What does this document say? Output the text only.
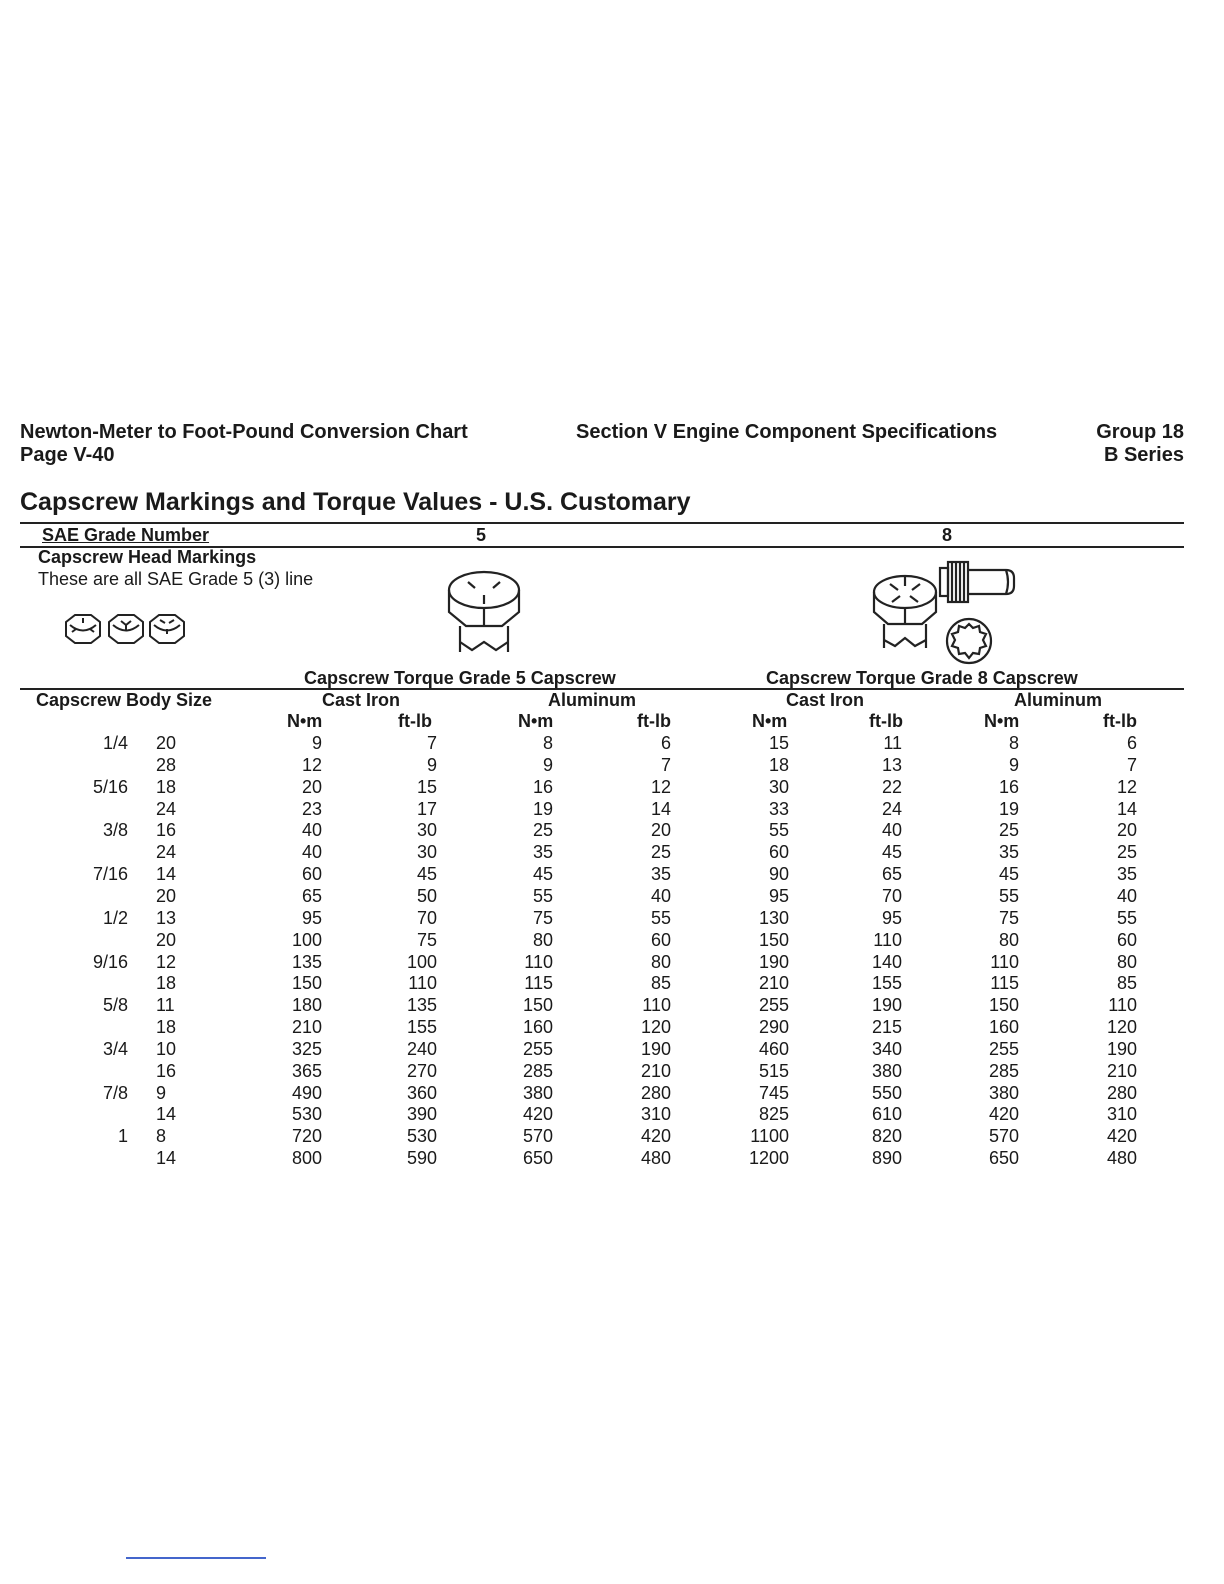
Newton-Meter to Foot-Pound Conversion Chart
Page V-40
Section V Engine Component Specifications	Group 18
B Series
Capscrew Markings and Torque Values - U.S. Customary
SAE Grade Number	5	8
Capscrew Head Markings
These are all SAE Grade 5 (3) line
Capscrew Torque Grade 5 Capscrew	Capscrew Torque Grade 8 Capscrew
Capscrew Body Size	Cast Iron	Aluminum	Cast Iron	Aluminum
N•m	ft-lb	N•m	ft-lb	N•m	ft-lb	N•m	ft-lb
1/4 20	9	7	8	6	15	11	8	6
28	12	9	9	7	18	13	9	7
5/16 18	20	15	16	12	30	22	16	12
24	23	17	19	14	33	24	19	14
3/8 16	40	30	25	20	55	40	25	20
24	40	30	35	25	60	45	35	25
7/16 14	60	45	45	35	90	65	45	35
20	65	50	55	40	95	70	55	40
1/2 13	95	70	75	55	130	95	75	55
20	100	75	80	60	150	110	80	60
9/16 12	135	100	110	80	190	140	110	80
18	150	110	115	85	210	155	115	85
5/8 11	180	135	150	110	255	190	150	110
18	210	155	160	120	290	215	160	120
3/4 10	325	240	255	190	460	340	255	190
16	365	270	285	210	515	380	285	210
7/8 9	490	360	380	280	745	550	380	280
14	530	390	420	310	825	610	420	310
1 8	720	530	570	420	1100	820	570	420
14	800	590	650	480	1200	890	650	480
